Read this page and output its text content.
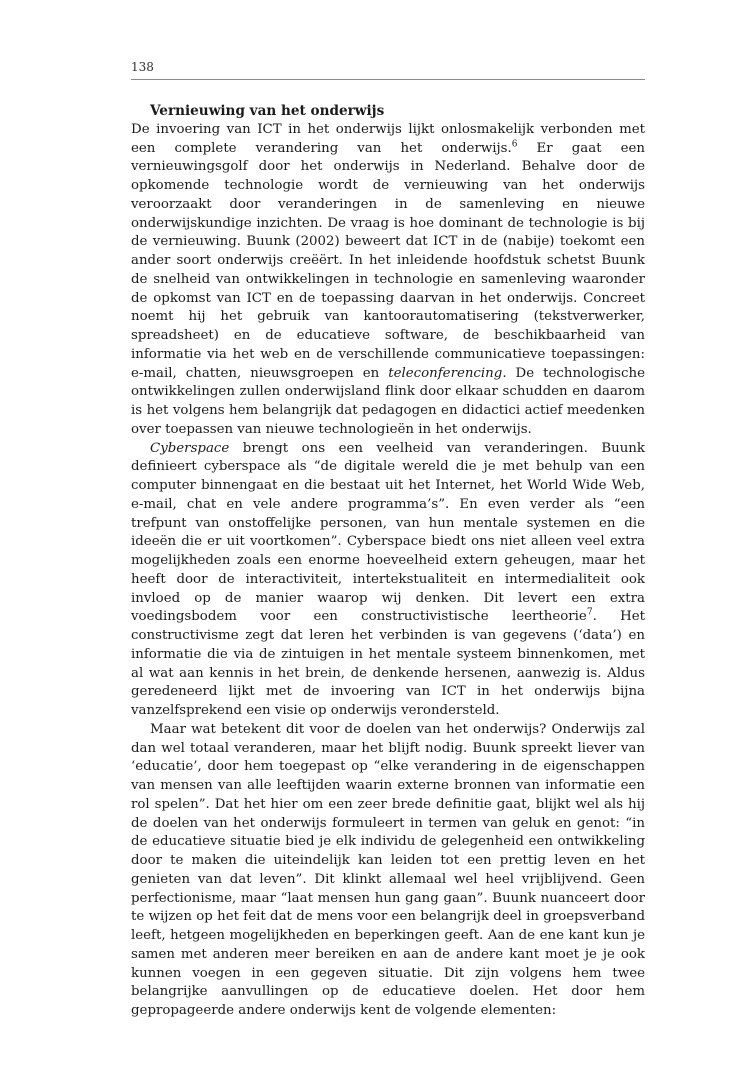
138
Vernieuwing van het onderwijs

De invoering van ICT in het onderwijs lijkt onlosmakelijk verbonden met een complete verandering van het onderwijs.$^6$ Er gaat een vernieuwingsgolf door het onderwijs in Nederland. Behalve door de opkomende technologie wordt de vernieuwing van het onderwijs veroorzaakt door veranderingen in de samenleving en nieuwe onderwijskundige inzichten. De vraag is hoe dominant de technologie is bij de vernieuwing. Buunk (2002) beweert dat ICT in de (nabije) toekomt een ander soort onderwijs creëërt. In het inleidende hoofdstuk schetst Buunk de snelheid van ontwikkelingen in technologie en samenleving waaronder de opkomst van ICT en de toepassing daarvan in het onderwijs. Concreet noemt hij het gebruik van kantoorautomatisering (tekstverwerker, spreadsheet) en de educatieve software, de beschikbaarheid van informatie via het web en de verschillende communicatieve toepassingen: e-mail, chatten, nieuwsgroepen en teleconferencing. De technologische ontwikkelingen zullen onderwijsland flink door elkaar schudden en daarom is het volgens hem belangrijk dat pedagogen en didactici actief meedenken over toepassen van nieuwe technologieën in het onderwijs.

Cyberspace brengt ons een veelheid van veranderingen. Buunk definieert cyberspace als “de digitale wereld die je met behulp van een computer binnengaat en die bestaat uit het Internet, het World Wide Web, e-mail, chat en vele andere programma’s”. En even verder als “een trefpunt van onstoffelijke personen, van hun mentale systemen en die ideeën die er uit voortkomen”. Cyberspace biedt ons niet alleen veel extra mogelijkheden zoals een enorme hoeveelheid extern geheugen, maar het heeft door de interactiviteit, intertekstualiteit en intermedialiteit ook invloed op de manier waarop wij denken. Dit levert een extra voedingsbodem voor een constructivistische leertheorie$^7$. Het constructivisme zegt dat leren het verbinden is van gegevens (‘data’) en informatie die via de zintuigen in het mentale systeem binnenkomen, met al wat aan kennis in het brein, de denkende hersenen, aanwezig is. Aldus geredeneerd lijkt met de invoering van ICT in het onderwijs bijna vanzelfsprekend een visie op onderwijs verondersteld.

Maar wat betekent dit voor de doelen van het onderwijs? Onderwijs zal dan wel totaal veranderen, maar het blijft nodig. Buunk spreekt liever van ‘educatie’, door hem toegepast op “elke verandering in de eigenschappen van mensen van alle leeftijden waarin externe bronnen van informatie een rol spelen”. Dat het hier om een zeer brede definitie gaat, blijkt wel als hij de doelen van het onderwijs formuleert in termen van geluk en genot: “in de educatieve situatie bied je elk individu de gelegenheid een ontwikkeling door te maken die uiteindelijk kan leiden tot een prettig leven en het genieten van dat leven”. Dit klinkt allemaal wel heel vrijblijvend. Geen perfectionisme, maar “laat mensen hun gang gaan”. Buunk nuanceert door te wijzen op het feit dat de mens voor een belangrijk deel in groepsverband leeft, hetgeen mogelijkheden en beperkingen geeft. Aan de ene kant kun je samen met anderen meer bereiken en aan de andere kant moet je je ook kunnen voegen in een gegeven situatie. Dit zijn volgens hem twee belangrijke aanvullingen op de educatieve doelen. Het door hem gepropageerde andere onderwijs kent de volgende elementen:
